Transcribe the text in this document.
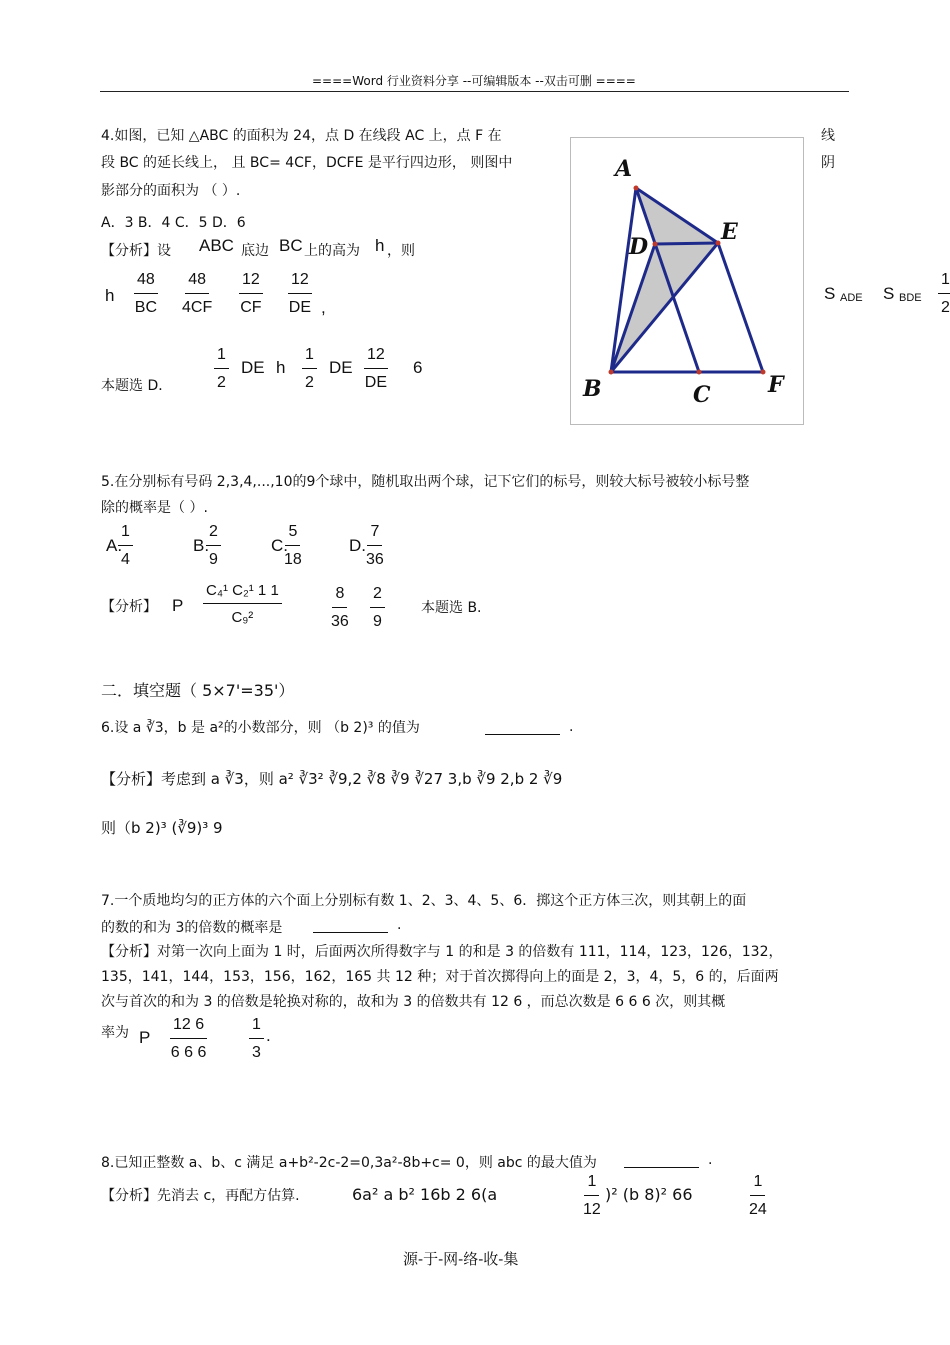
====Word 行业资料分享 --可编辑版本 --双击可删 ====
4.如图，已知 △ABC 的面积为 24，点 D 在线段 AC 上，点 F 在	线
段 BC 的延长线上， 且 BC= 4CF，DCFE 是平行四边形， 则图中	阴
影部分的面积为 （ ）.
A．3 B．4 C．5 D．6
【分析】设 ABC 底边 BC 上的高为 h ，则
h $\frac{48}{BC} \frac{48}{4CF} \frac{12}{CF} \frac{12}{DE}$ ,
S ADE S BDE $\frac{1}{2}$
本题选 D．	$\frac{1}{2}$ DE h $\frac{1}{2}$ DE $\frac{12}{DE} 6$
A
D
E
B	C	F
5.在分别标有号码 2,3,4,...,10的9个球中，随机取出两个球，记下它们的标号，则较大标号被较小标号整
除的概率是（ ）.
A.
$\frac{1}{4}$	B.
$\frac{2}{9}$	C.
$\frac{5}{18}$	D. $\frac{7}{36}$
【分析】 P $\frac{\text{C₄¹ C₂¹ 1 1}}{\text{C₉²}}$	$\frac{8}{36} \frac{2}{9}$	本题选 B.
二．填空题（ 5×7'=35'）
6.设 a ∛3，b 是 a²的小数部分，则 （b 2)³ 的值为	.
【分析】考虑到 a ∛3，则 a² ∛3² ∛9,2 ∛8 ∛9 ∛27 3,b ∛9 2,b 2 ∛9
则（b 2)³ (∛9)³ 9
7.一个质地均匀的正方体的六个面上分别标有数 1、2、3、4、5、6．掷这个正方体三次，则其朝上的面
的数的和为 3的倍数的概率是	.
【分析】对第一次向上面为 1 时，后面两次所得数字与 1 的和是 3 的倍数有 111，114，123，126，132，
135，141，144，153，156，162，165 共 12 种；对于首次掷得向上的面是 2，3，4，5，6 的，后面两
次与首次的和为 3 的倍数是轮换对称的，故和为 3 的倍数共有 12 6 ，而总次数是 6 6 6 次，则其概
率为 P $\frac{12 6}{6 6 6}$	$\frac{1}{3}$ .
8.已知正整数 a、b、c 满足 a+b²-2c-2=0,3a²-8b+c= 0，则 abc 的最大值为	.
【分析】先消去 c，再配方估算.	6a² a b² 16b 2 6(a	$\frac{1}{12} )^2$ (b 8)² 66	$\frac{1}{24}$
源-于-网-络-收-集
